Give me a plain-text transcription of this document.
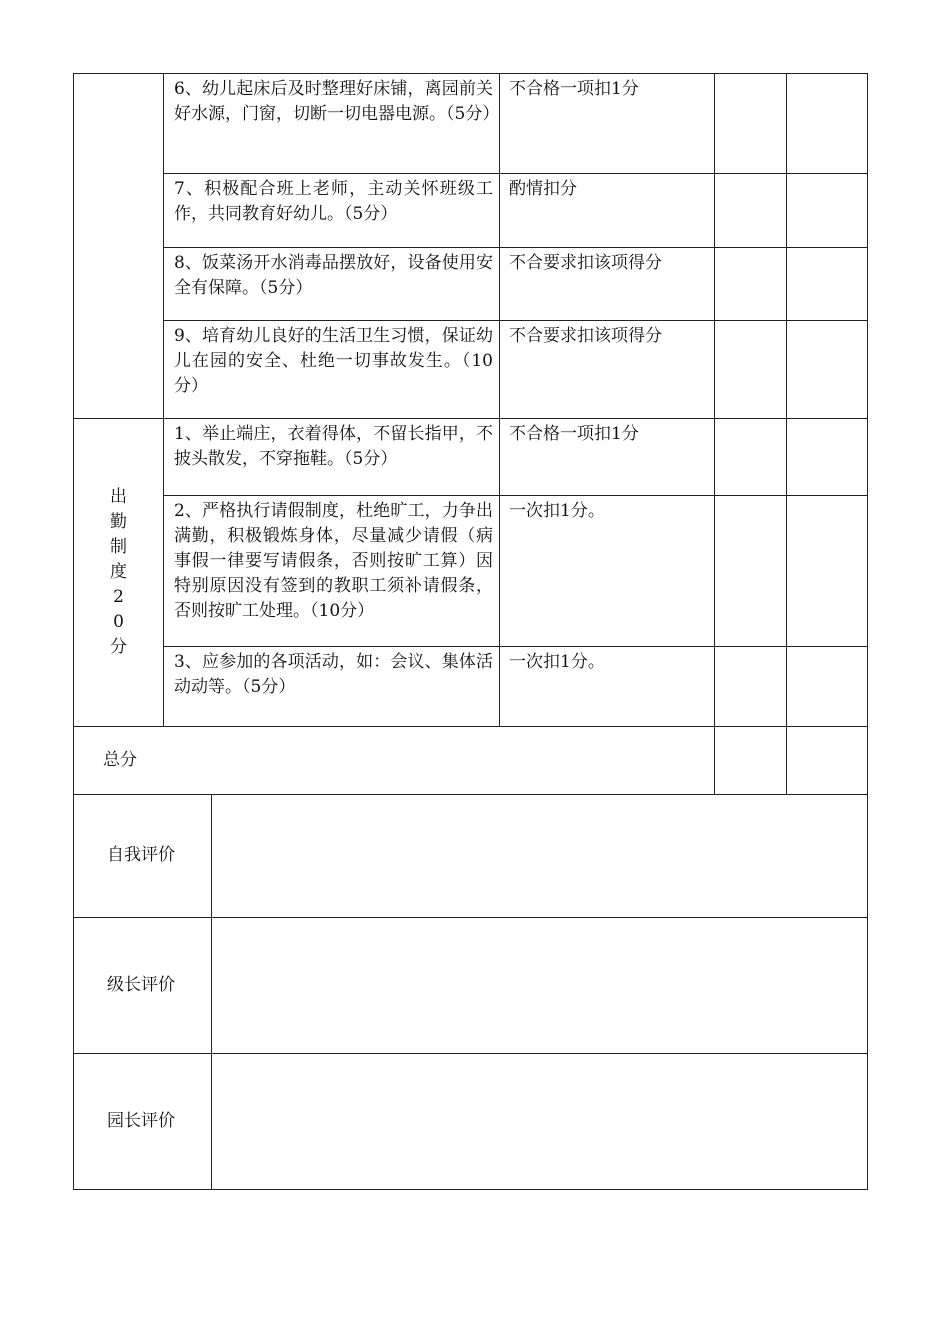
	6、幼儿起床后及时整理好床铺，离园前关好水源，门窗，切断一切电器电源。（5分）	不合格一项扣1分		
	7、积极配合班上老师，主动关怀班级工作，共同教育好幼儿。（5分）	酌情扣分		
	8、饭菜汤开水消毒品摆放好，设备使用安全有保障。（5分）	不合要求扣该项得分		
	9、培育幼儿良好的生活卫生习惯，保证幼儿在园的安全、杜绝一切事故发生。（10分）	不合要求扣该项得分		
出勤制度20分	1、举止端庄，衣着得体，不留长指甲，不披头散发，不穿拖鞋。（5分）	不合格一项扣1分		
	2、严格执行请假制度，杜绝旷工，力争出满勤，积极锻炼身体，尽量减少请假（病事假一律要写请假条，否则按旷工算）因特别原因没有签到的教职工须补请假条，否则按旷工处理。（10分）	一次扣1分。		
	3、应参加的各项活动，如：会议、集体活动动等。（5分）	一次扣1分。		
总分				
自我评价	
级长评价	
园长评价	
